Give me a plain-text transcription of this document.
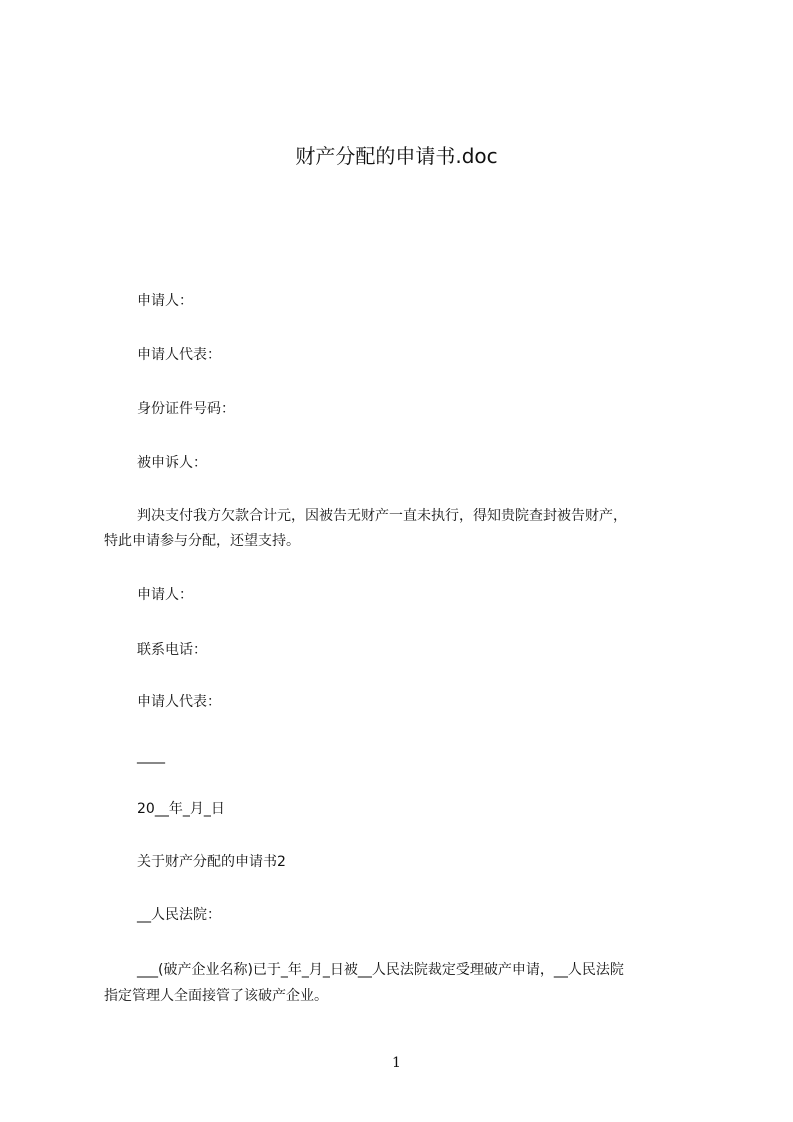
财产分配的申请书.doc
申请人：
申请人代表：
身份证件号码：
被申诉人：
判决支付我方欠款合计元，因被告无财产一直未执行，得知贵院查封被告财产，
特此申请参与分配，还望支持。
申请人：
联系电话：
申请人代表：
____
20__年_月_日
关于财产分配的申请书2
__人民法院：
___(破产企业名称)已于_年_月_日被__人民法院裁定受理破产申请，__人民法院
指定管理人全面接管了该破产企业。
1
